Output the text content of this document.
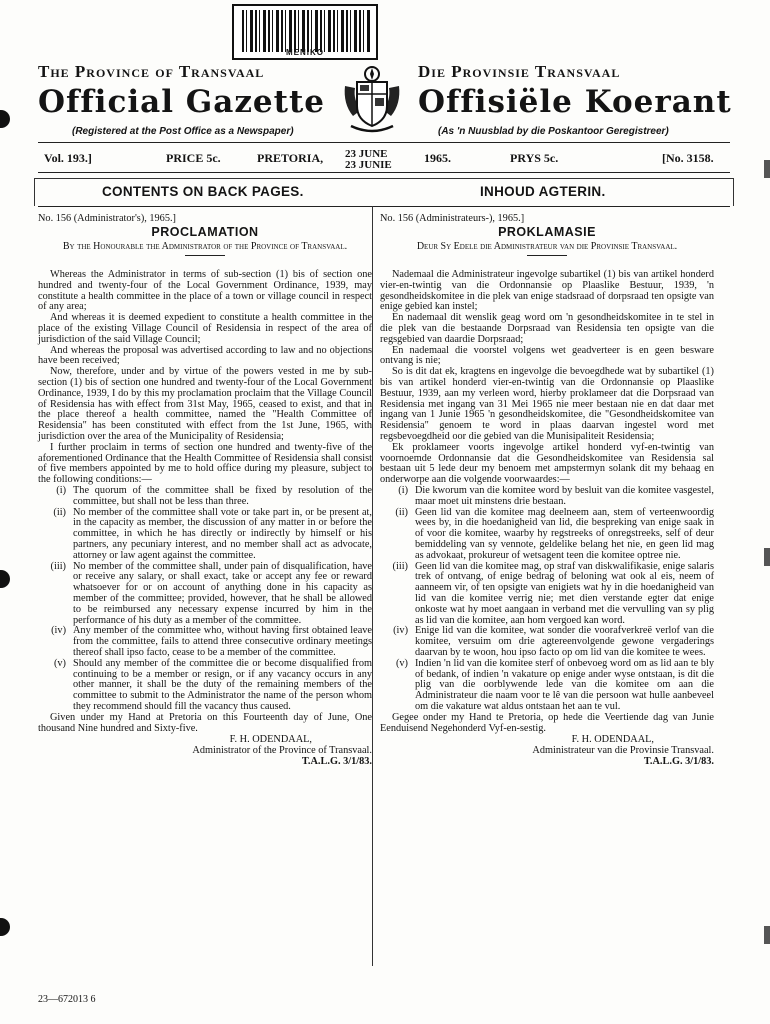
MENIKO
The Province of Transvaal	Die Provinsie Transvaal
Official Gazette	Offisiële Koerant
(Registered at the Post Office as a Newspaper)	(As 'n Nuusblad by die Poskantoor Geregistreer)
Vol. 193.]	PRICE 5c.	PRETORIA, 23 JUNE
23 JUNIE	1965.	PRYS 5c.	[No. 3158.
CONTENTS ON BACK PAGES.	INHOUD AGTERIN.

No. 156 (Administrator's), 1965.]

PROCLAMATION

By the Honourable the Administrator of the Province of Transvaal.

Whereas the Administrator in terms of sub-section (1) bis of section one hundred and twenty-four of the Local Government Ordinance, 1939, may constitute a health committee in the place of a town or village council in respect of any area;

And whereas it is deemed expedient to constitute a health committee in the place of the existing Village Council of Residensia in respect of the area of jurisdiction of the said Village Council;

And whereas the proposal was advertised according to law and no objections have been received;

Now, therefore, under and by virtue of the powers vested in me by sub-section (1) bis of section one hundred and twenty-four of the Local Government Ordinance, 1939, I do by this my proclamation proclaim that the Village Council of Residensia has with effect from 31st May, 1965, ceased to exist, and that in the place thereof a health committee, named the "Health Committee of Residensia" has been constituted with effect from the 1st June, 1965, with jurisdiction over the area of the Municipality of Residensia;

I further proclaim in terms of section one hundred and twenty-five of the aforementioned Ordinance that the Health Committee of Residensia shall consist of five members appointed by me to hold office during my pleasure, subject to the following conditions:—

(i) The quorum of the committee shall be fixed by resolution of the committee, but shall not be less than three.
(ii) No member of the committee shall vote or take part in, or be present at, in the capacity as member, the discussion of any matter in or before the committee, in which he has directly or indirectly by himself or his partners, any pecuniary interest, and no member shall act as advocate, attorney or law agent against the committee.
(iii) No member of the committee shall, under pain of disqualification, have or receive any salary, or shall exact, take or accept any fee or reward whatsoever for or on account of anything done in his capacity as member of the committee; provided, however, that he shall be allowed to be reimbursed any necessary expense incurred by him in the performance of his duty as a member of the committee.
(iv) Any member of the committee who, without having first obtained leave from the committee, fails to attend three consecutive ordinary meetings thereof shall ipso facto, cease to be a member of the committee.
(v) Should any member of the committee die or become disqualified from continuing to be a member or resign, or if any vacancy occurs in any other manner, it shall be the duty of the remaining members of the committee to submit to the Administrator the name of the person whom they recommend should fill the vacancy thus caused.

Given under my Hand at Pretoria on this Fourteenth day of June, One thousand Nine hundred and Sixty-five.

F. H. ODENDAAL,

Administrator of the Province of Transvaal.

T.A.L.G. 3/1/83.

No. 156 (Administrateurs-), 1965.]

PROKLAMASIE

Deur Sy Edele die Administrateur van die Provinsie Transvaal.

Nademaal die Administrateur ingevolge subartikel (1) bis van artikel honderd vier-en-twintig van die Ordonnansie op Plaaslike Bestuur, 1939, 'n gesondheidskomitee in die plek van enige stadsraad of dorpsraad ten opsigte van enige gebied kan instel;

En nademaal dit wenslik geag word om 'n gesondheidskomitee in te stel in die plek van die bestaande Dorpsraad van Residensia ten opsigte van die regsgebied van daardie Dorpsraad;

En nademaal die voorstel volgens wet geadverteer is en geen besware ontvang is nie;

So is dit dat ek, kragtens en ingevolge die bevoegdhede wat by subartikel (1) bis van artikel honderd vier-en-twintig van die Ordonnansie op Plaaslike Bestuur, 1939, aan my verleen word, hierby proklameer dat die Dorpsraad van Residensia met ingang van 31 Mei 1965 nie meer bestaan nie en dat daar met ingang van 1 Junie 1965 'n gesondheidskomitee, die "Gesondheidskomitee van Residensia" genoem te word in plaas daarvan ingestel word met regsbevoegdheid oor die gebied van die Munisipaliteit Residensia;

Ek proklameer voorts ingevolge artikel honderd vyf-en-twintig van voornoemde Ordonnansie dat die Gesondheidskomitee van Residensia sal bestaan uit 5 lede deur my benoem met ampstermyn solank dit my behaag en onderworpe aan die volgende voorwaardes:—

(i) Die kworum van die komitee word by besluit van die komitee vasgestel, maar moet uit minstens drie bestaan.
(ii) Geen lid van die komitee mag deelneem aan, stem of verteenwoordig wees by, in die hoedanigheid van lid, die bespreking van enige saak in of voor die komitee, waarby hy regstreeks of onregstreeks, self of deur bemiddeling van sy vennote, geldelike belang het nie, en geen lid mag as advokaat, prokureur of wetsagent teen die komitee optree nie.
(iii) Geen lid van die komitee mag, op straf van diskwalifikasie, enige salaris trek of ontvang, of enige bedrag of beloning wat ook al eis, neem of aanneem vir, of ten opsigte van enigiets wat hy in die hoedanigheid van lid van die komitee verrig nie; met dien verstande egter dat enige onkoste wat hy moet aangaan in verband met die vervulling van sy plig as lid van die komitee, aan hom vergoed kan word.
(iv) Enige lid van die komitee, wat sonder die voorafverkreë verlof van die komitee, versuim om drie agtereenvolgende gewone vergaderings daarvan by te woon, hou ipso facto op om lid van die komitee te wees.
(v) Indien 'n lid van die komitee sterf of onbevoeg word om as lid aan te bly of bedank, of indien 'n vakature op enige ander wyse ontstaan, is dit die plig van die oorblywende lede van die komitee om aan die Administrateur die naam voor te lê van die persoon wat hulle aanbeveel om die vakature wat aldus ontstaan het aan te vul.

Gegee onder my Hand te Pretoria, op hede die Veertiende dag van Junie Eenduisend Negehonderd Vyf-en-sestig.

F. H. ODENDAAL,

Administrateur van die Provinsie Transvaal.

T.A.L.G. 3/1/83.

23—672013 6
